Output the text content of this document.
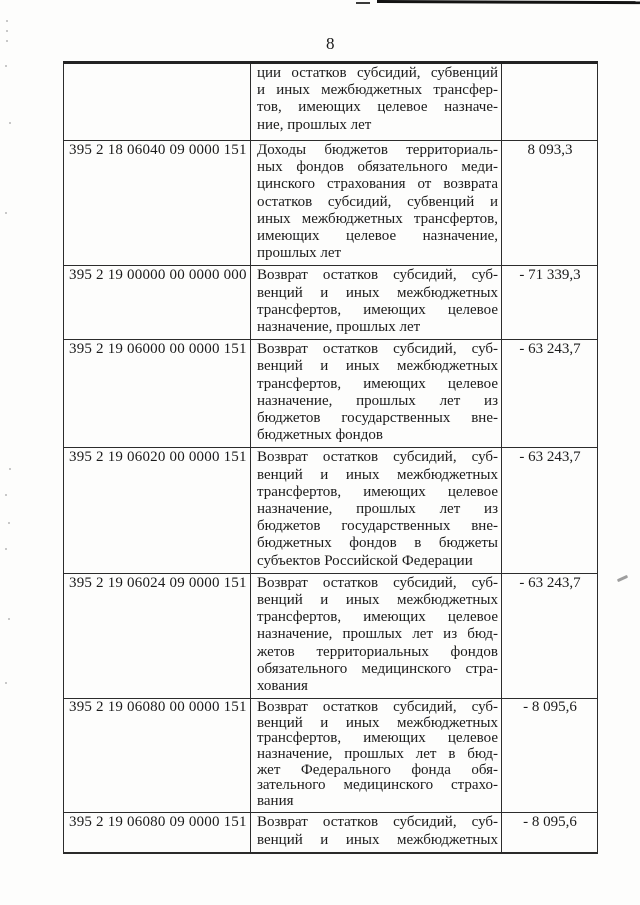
8
ции остатков субсидий, субвенций
и иных межбюджетных трансфер-
тов, имеющих целевое назначе-
ние, прошлых лет
395 2 18 06040 09 0000 151 Доходы бюджетов территориаль-
ных фондов обязательного меди-
цинского страхования от возврата
остатков субсидий, субвенций и
иных межбюджетных трансфертов,
имеющих целевое назначение,
прошлых лет
8 093,3
395 2 19 00000 00 0000 000 Возврат остатков субсидий, суб-
венций и иных межбюджетных
трансфертов, имеющих целевое
назначение, прошлых лет
- 71 339,3
395 2 19 06000 00 0000 151 Возврат остатков субсидий, суб-
венций и иных межбюджетных
трансфертов, имеющих целевое
назначение, прошлых лет из
бюджетов государственных вне-
бюджетных фондов
- 63 243,7
395 2 19 06020 00 0000 151 Возврат остатков субсидий, суб-
венций и иных межбюджетных
трансфертов, имеющих целевое
назначение, прошлых лет из
бюджетов государственных вне-
бюджетных фондов в бюджеты
субъектов Российской Федерации
- 63 243,7
395 2 19 06024 09 0000 151 Возврат остатков субсидий, суб-
венций и иных межбюджетных
трансфертов, имеющих целевое
назначение, прошлых лет из бюд-
жетов территориальных фондов
обязательного медицинского стра-
хования
- 63 243,7
395 2 19 06080 00 0000 151 Возврат остатков субсидий, суб-
венций и иных межбюджетных
трансфертов, имеющих целевое
назначение, прошлых лет в бюд-
жет Федерального фонда обя-
зательного медицинского страхо-
вания
- 8 095,6
395 2 19 06080 09 0000 151 Возврат остатков субсидий, суб-
венций и иных межбюджетных
- 8 095,6
